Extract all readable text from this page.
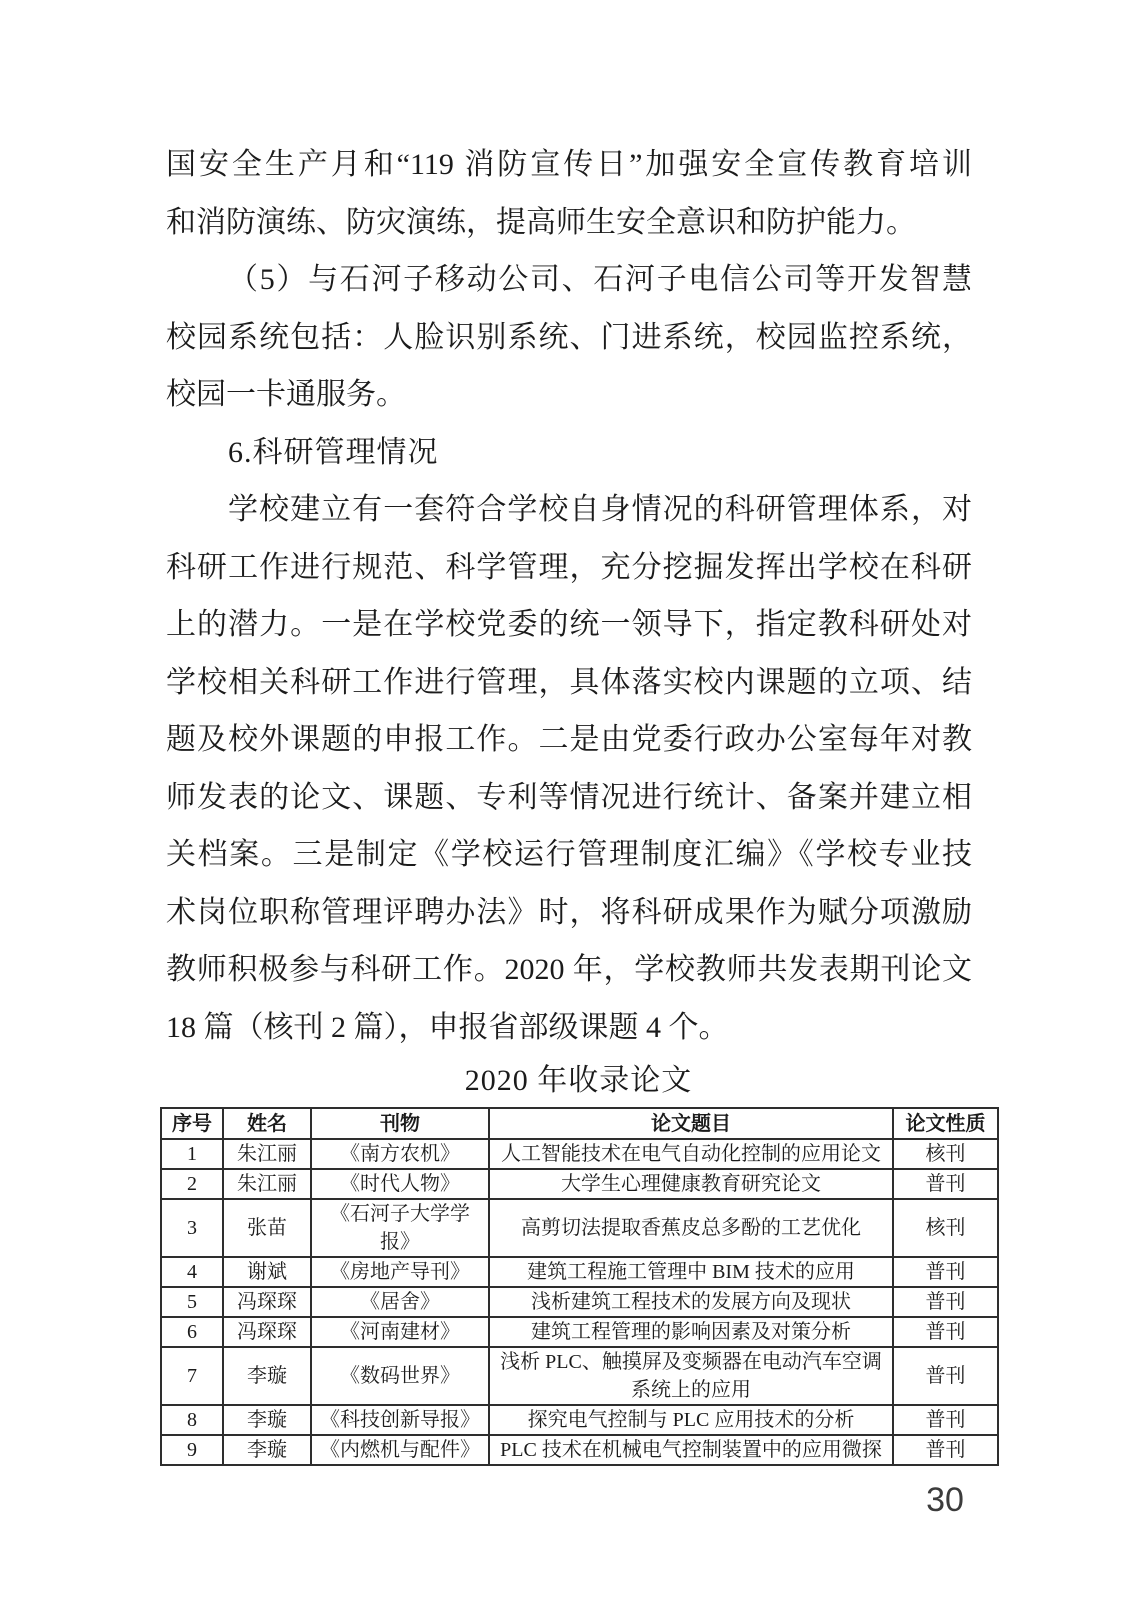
国安全生产月和“119 消防宣传日”加强安全宣传教育培训
和消防演练、防灾演练，提高师生安全意识和防护能力。
（5）与石河子移动公司、石河子电信公司等开发智慧
校园系统包括：人脸识别系统、门进系统，校园监控系统，
校园一卡通服务。
6.科研管理情况
学校建立有一套符合学校自身情况的科研管理体系，对
科研工作进行规范、科学管理，充分挖掘发挥出学校在科研
上的潜力。一是在学校党委的统一领导下，指定教科研处对
学校相关科研工作进行管理，具体落实校内课题的立项、结
题及校外课题的申报工作。二是由党委行政办公室每年对教
师发表的论文、课题、专利等情况进行统计、备案并建立相
关档案。三是制定《学校运行管理制度汇编》《学校专业技
术岗位职称管理评聘办法》时，将科研成果作为赋分项激励
教师积极参与科研工作。2020 年，学校教师共发表期刊论文
18 篇（核刊 2 篇），申报省部级课题 4 个。
2020 年收录论文
序号	姓名	刊物	论文题目	论文性质
1	朱江丽	《南方农机》	人工智能技术在电气自动化控制的应用论文	核刊
2	朱江丽	《时代人物》	大学生心理健康教育研究论文	普刊
3	张苗	《石河子大学学报》	高剪切法提取香蕉皮总多酚的工艺优化	核刊
4	谢斌	《房地产导刊》	建筑工程施工管理中 BIM 技术的应用	普刊
5	冯琛琛	《居舍》	浅析建筑工程技术的发展方向及现状	普刊
6	冯琛琛	《河南建材》	建筑工程管理的影响因素及对策分析	普刊
7	李璇	《数码世界》	浅析 PLC、触摸屏及变频器在电动汽车空调系统上的应用	普刊
8	李璇	《科技创新导报》	探究电气控制与 PLC 应用技术的分析	普刊
9	李璇	《内燃机与配件》	PLC 技术在机械电气控制装置中的应用微探	普刊
30
